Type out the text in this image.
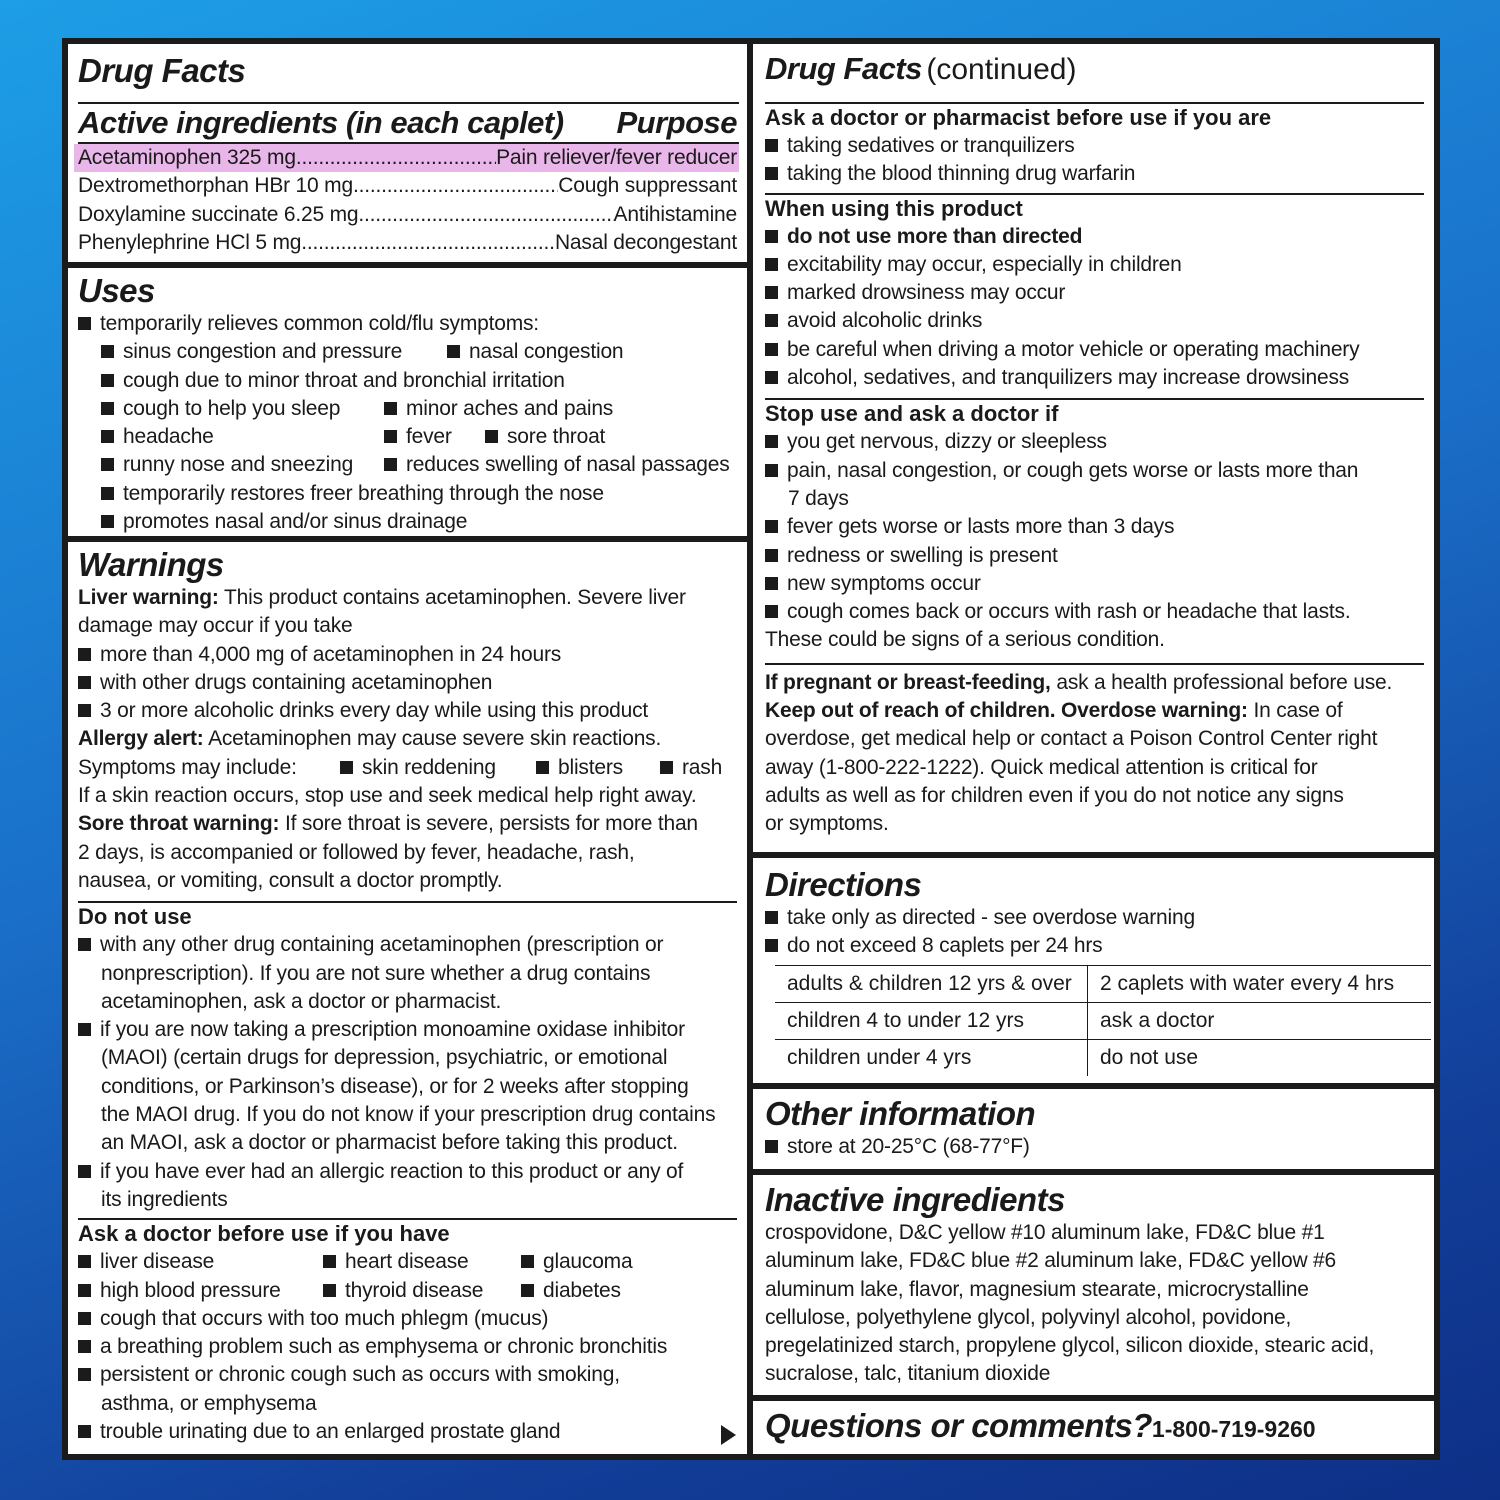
Drug Facts
Active ingredients (in each caplet) Purpose
Acetaminophen 325 mg .....	Pain reliever/fever reducer
Dextromethorphan HBr 10 mg .....	Cough suppressant
Doxylamine succinate 6.25 mg .....	Antihistamine
Phenylephrine HCl 5 mg .....	Nasal decongestant
Uses
temporarily relieves common cold/flu symptoms:
sinus congestion and pressure	nasal congestion
cough due to minor throat and bronchial irritation
cough to help you sleep	minor aches and pains
headache	fever	sore throat
runny nose and sneezing	reduces swelling of nasal passages
temporarily restores freer breathing through the nose
promotes nasal and/or sinus drainage
Warnings
Liver warning: This product contains acetaminophen. Severe liver
damage may occur if you take
more than 4,000 mg of acetaminophen in 24 hours
with other drugs containing acetaminophen
3 or more alcoholic drinks every day while using this product
Allergy alert: Acetaminophen may cause severe skin reactions.
Symptoms may include:	skin reddening	blisters	rash
If a skin reaction occurs, stop use and seek medical help right away.
Sore throat warning: If sore throat is severe, persists for more than
2 days, is accompanied or followed by fever, headache, rash,
nausea, or vomiting, consult a doctor promptly.
Do not use
with any other drug containing acetaminophen (prescription or
nonprescription). If you are not sure whether a drug contains
acetaminophen, ask a doctor or pharmacist.
if you are now taking a prescription monoamine oxidase inhibitor
(MAOI) (certain drugs for depression, psychiatric, or emotional
conditions, or Parkinson’s disease), or for 2 weeks after stopping
the MAOI drug. If you do not know if your prescription drug contains
an MAOI, ask a doctor or pharmacist before taking this product.
if you have ever had an allergic reaction to this product or any of
its ingredients
Ask a doctor before use if you have
liver disease	heart disease	glaucoma
high blood pressure	thyroid disease	diabetes
cough that occurs with too much phlegm (mucus)
a breathing problem such as emphysema or chronic bronchitis
persistent or chronic cough such as occurs with smoking,
asthma, or emphysema
trouble urinating due to an enlarged prostate gland
Drug Facts (continued)
Ask a doctor or pharmacist before use if you are
taking sedatives or tranquilizers
taking the blood thinning drug warfarin
When using this product
do not use more than directed
excitability may occur, especially in children
marked drowsiness may occur
avoid alcoholic drinks
be careful when driving a motor vehicle or operating machinery
alcohol, sedatives, and tranquilizers may increase drowsiness
Stop use and ask a doctor if
you get nervous, dizzy or sleepless
pain, nasal congestion, or cough gets worse or lasts more than
7 days
fever gets worse or lasts more than 3 days
redness or swelling is present
new symptoms occur
cough comes back or occurs with rash or headache that lasts.
These could be signs of a serious condition.
If pregnant or breast-feeding, ask a health professional before use.
Keep out of reach of children. Overdose warning: In case of
overdose, get medical help or contact a Poison Control Center right
away (1-800-222-1222). Quick medical attention is critical for
adults as well as for children even if you do not notice any signs
or symptoms.
Directions
take only as directed - see overdose warning
do not exceed 8 caplets per 24 hrs
adults & children 12 yrs & over	2 caplets with water every 4 hrs
children 4 to under 12 yrs	ask a doctor
children under 4 yrs	do not use
Other information
store at 20-25°C (68-77°F)
Inactive ingredients
crospovidone, D&C yellow #10 aluminum lake, FD&C blue #1
aluminum lake, FD&C blue #2 aluminum lake, FD&C yellow #6
aluminum lake, flavor, magnesium stearate, microcrystalline
cellulose, polyethylene glycol, polyvinyl alcohol, povidone,
pregelatinized starch, propylene glycol, silicon dioxide, stearic acid,
sucralose, talc, titanium dioxide
Questions or comments?1-800-719-9260
